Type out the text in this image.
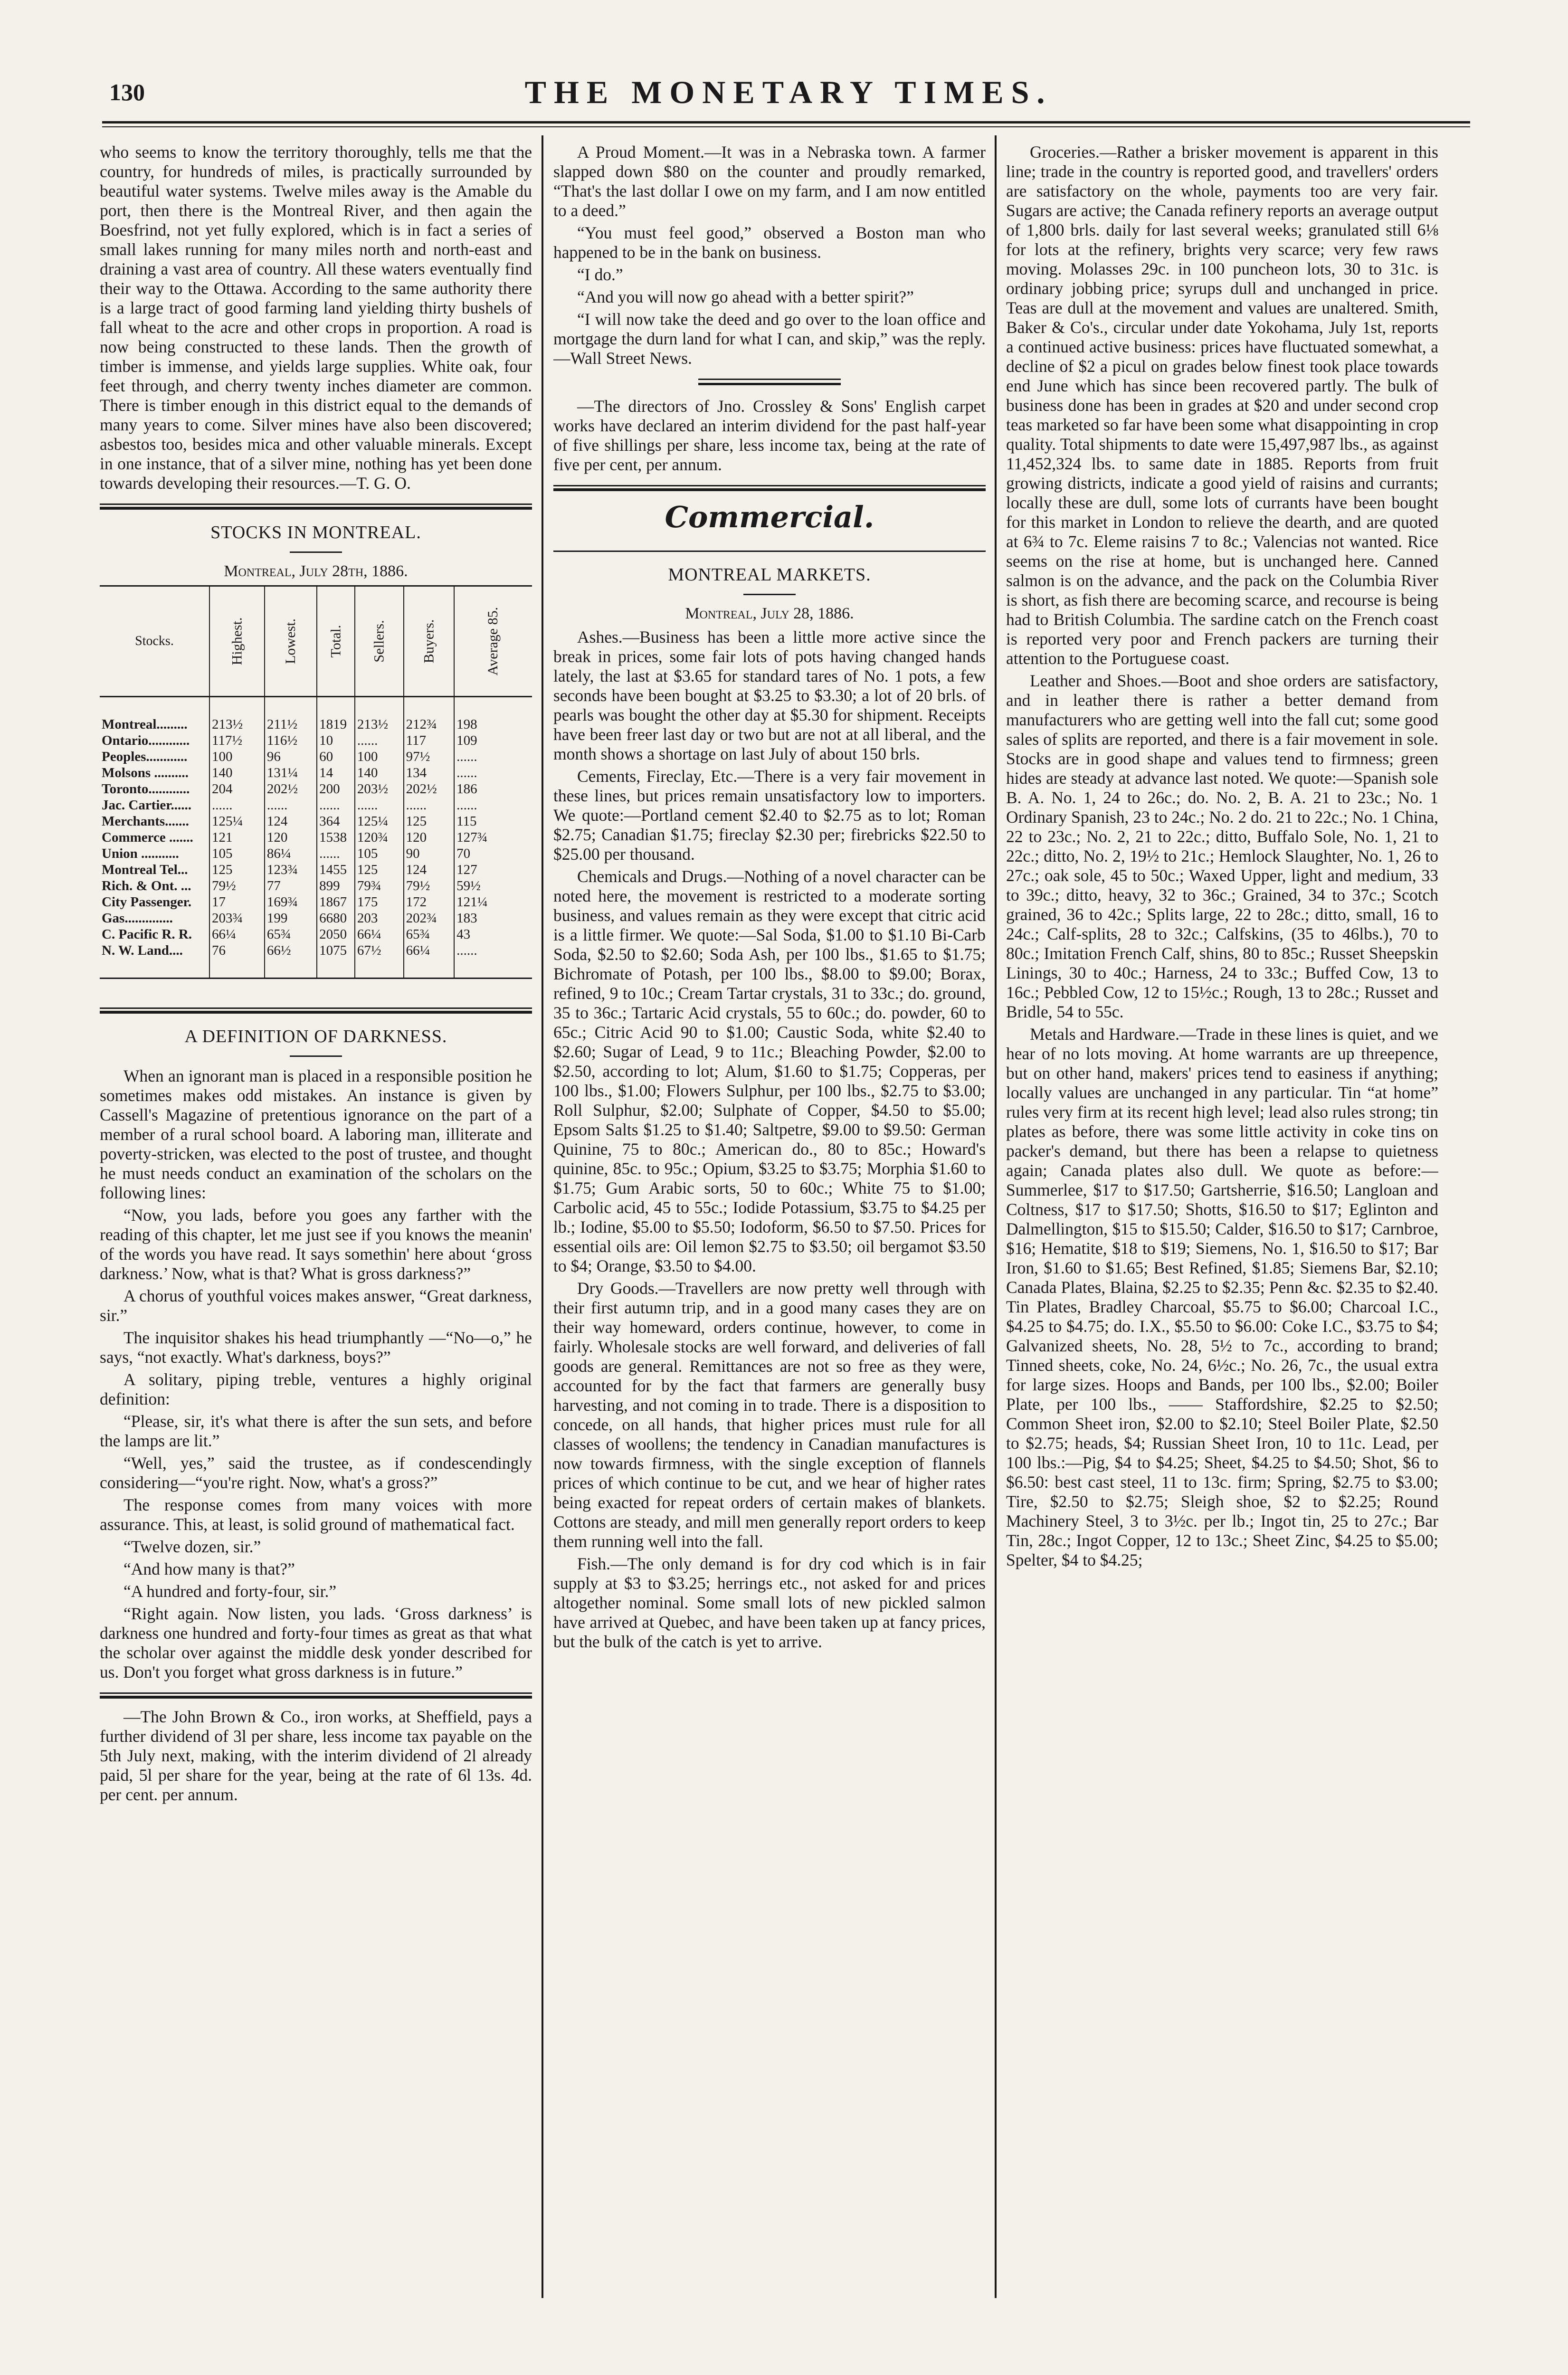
130	THE MONETARY TIMES.

who seems to know the territory thoroughly, tells me that the country, for hundreds of miles, is practically surrounded by beautiful water systems. Twelve miles away is the Amable du port, then there is the Montreal River, and then again the Boesfrind, not yet fully explored, which is in fact a series of small lakes running for many miles north and north-east and draining a vast area of country. All these waters eventually find their way to the Ottawa. According to the same authority there is a large tract of good farming land yielding thirty bushels of fall wheat to the acre and other crops in proportion. A road is now being constructed to these lands. Then the growth of timber is immense, and yields large supplies. White oak, four feet through, and cherry twenty inches diameter are common. There is timber enough in this district equal to the demands of many years to come. Silver mines have also been discovered; asbestos too, besides mica and other valuable minerals. Except in one instance, that of a silver mine, nothing has yet been done towards developing their resources.—T. G. O.

STOCKS IN MONTREAL.
Montreal, July 28th, 1886.
Stocks.	Highest.	Lowest.	Total.	Sellers.	Buyers.	Average 85.
Montreal.........	213½	211½	1819	213½	212¾	198
Ontario............	117½	116½	10	......	117	109
Peoples............	100	96	60	100	97½	......
Molsons ..........	140	131¼	14	140	134	......
Toronto............	204	202½	200	203½	202½	186
Jac. Cartier......	......	......	......	......	......	......
Merchants.......	125¼	124	364	125¼	125	115
Commerce .......	121	120	1538	120¾	120	127¾
Union ...........	105	86¼	......	105	90	70
Montreal Tel...	125	123¾	1455	125	124	127
Rich. & Ont. ...	79½	77	899	79¾	79½	59½
City Passenger.	17	169¾	1867	175	172	121¼
Gas..............	203¾	199	6680	203	202¾	183
C. Pacific R. R.	66¼	65¾	2050	66¼	65¾	43
N. W. Land....	76	66½	1075	67½	66¼	......
A DEFINITION OF DARKNESS.

When an ignorant man is placed in a responsible position he sometimes makes odd mistakes. An instance is given by Cassell's Magazine of pretentious ignorance on the part of a member of a rural school board. A laboring man, illiterate and poverty-stricken, was elected to the post of trustee, and thought he must needs conduct an examination of the scholars on the following lines:

“Now, you lads, before you goes any farther with the reading of this chapter, let me just see if you knows the meanin' of the words you have read. It says somethin' here about ‘gross darkness.’ Now, what is that? What is gross darkness?”

A chorus of youthful voices makes answer, “Great darkness, sir.”

The inquisitor shakes his head triumphantly —“No—o,” he says, “not exactly. What's darkness, boys?”

A solitary, piping treble, ventures a highly original definition:

“Please, sir, it's what there is after the sun sets, and before the lamps are lit.”

“Well, yes,” said the trustee, as if condescendingly considering—“you're right. Now, what's a gross?”

The response comes from many voices with more assurance. This, at least, is solid ground of mathematical fact.

“Twelve dozen, sir.”

“And how many is that?”

“A hundred and forty-four, sir.”

“Right again. Now listen, you lads. ‘Gross darkness’ is darkness one hundred and forty-four times as great as that what the scholar over against the middle desk yonder described for us. Don't you forget what gross darkness is in future.”

—The John Brown & Co., iron works, at Sheffield, pays a further dividend of 3l per share, less income tax payable on the 5th July next, making, with the interim dividend of 2l already paid, 5l per share for the year, being at the rate of 6l 13s. 4d. per cent. per annum.

A Proud Moment.—It was in a Nebraska town. A farmer slapped down $80 on the counter and proudly remarked, “That's the last dollar I owe on my farm, and I am now entitled to a deed.”

“You must feel good,” observed a Boston man who happened to be in the bank on business.

“I do.”

“And you will now go ahead with a better spirit?”

“I will now take the deed and go over to the loan office and mortgage the durn land for what I can, and skip,” was the reply.—Wall Street News.

—The directors of Jno. Crossley & Sons' English carpet works have declared an interim dividend for the past half-year of five shillings per share, less income tax, being at the rate of five per cent, per annum.

Commercial.
MONTREAL MARKETS.
Montreal, July 28, 1886.

Ashes.—Business has been a little more active since the break in prices, some fair lots of pots having changed hands lately, the last at $3.65 for standard tares of No. 1 pots, a few seconds have been bought at $3.25 to $3.30; a lot of 20 brls. of pearls was bought the other day at $5.30 for shipment. Receipts have been freer last day or two but are not at all liberal, and the month shows a shortage on last July of about 150 brls.

Cements, Fireclay, Etc.—There is a very fair movement in these lines, but prices remain unsatisfactory low to importers. We quote:—Portland cement $2.40 to $2.75 as to lot; Roman $2.75; Canadian $1.75; fireclay $2.30 per; firebricks $22.50 to $25.00 per thousand.

Chemicals and Drugs.—Nothing of a novel character can be noted here, the movement is restricted to a moderate sorting business, and values remain as they were except that citric acid is a little firmer. We quote:—Sal Soda, $1.00 to $1.10 Bi-Carb Soda, $2.50 to $2.60; Soda Ash, per 100 lbs., $1.65 to $1.75; Bichromate of Potash, per 100 lbs., $8.00 to $9.00; Borax, refined, 9 to 10c.; Cream Tartar crystals, 31 to 33c.; do. ground, 35 to 36c.; Tartaric Acid crystals, 55 to 60c.; do. powder, 60 to 65c.; Citric Acid 90 to $1.00; Caustic Soda, white $2.40 to $2.60; Sugar of Lead, 9 to 11c.; Bleaching Powder, $2.00 to $2.50, according to lot; Alum, $1.60 to $1.75; Copperas, per 100 lbs., $1.00; Flowers Sulphur, per 100 lbs., $2.75 to $3.00; Roll Sulphur, $2.00; Sulphate of Copper, $4.50 to $5.00; Epsom Salts $1.25 to $1.40; Saltpetre, $9.00 to $9.50: German Quinine, 75 to 80c.; American do., 80 to 85c.; Howard's quinine, 85c. to 95c.; Opium, $3.25 to $3.75; Morphia $1.60 to $1.75; Gum Arabic sorts, 50 to 60c.; White 75 to $1.00; Carbolic acid, 45 to 55c.; Iodide Potassium, $3.75 to $4.25 per lb.; Iodine, $5.00 to $5.50; Iodoform, $6.50 to $7.50. Prices for essential oils are: Oil lemon $2.75 to $3.50; oil bergamot $3.50 to $4; Orange, $3.50 to $4.00.

Dry Goods.—Travellers are now pretty well through with their first autumn trip, and in a good many cases they are on their way homeward, orders continue, however, to come in fairly. Wholesale stocks are well forward, and deliveries of fall goods are general. Remittances are not so free as they were, accounted for by the fact that farmers are generally busy harvesting, and not coming in to trade. There is a disposition to concede, on all hands, that higher prices must rule for all classes of woollens; the tendency in Canadian manufactures is now towards firmness, with the single exception of flannels prices of which continue to be cut, and we hear of higher rates being exacted for repeat orders of certain makes of blankets. Cottons are steady, and mill men generally report orders to keep them running well into the fall.

Fish.—The only demand is for dry cod which is in fair supply at $3 to $3.25; herrings etc., not asked for and prices altogether nominal. Some small lots of new pickled salmon have arrived at Quebec, and have been taken up at fancy prices, but the bulk of the catch is yet to arrive.

Groceries.—Rather a brisker movement is apparent in this line; trade in the country is reported good, and travellers' orders are satisfactory on the whole, payments too are very fair. Sugars are active; the Canada refinery reports an average output of 1,800 brls. daily for last several weeks; granulated still 6⅛ for lots at the refinery, brights very scarce; very few raws moving. Molasses 29c. in 100 puncheon lots, 30 to 31c. is ordinary jobbing price; syrups dull and unchanged in price. Teas are dull at the movement and values are unaltered. Smith, Baker & Co's., circular under date Yokohama, July 1st, reports a continued active business: prices have fluctuated somewhat, a decline of $2 a picul on grades below finest took place towards end June which has since been recovered partly. The bulk of business done has been in grades at $20 and under second crop teas marketed so far have been some what disappointing in crop quality. Total shipments to date were 15,497,987 lbs., as against 11,452,324 lbs. to same date in 1885. Reports from fruit growing districts, indicate a good yield of raisins and currants; locally these are dull, some lots of currants have been bought for this market in London to relieve the dearth, and are quoted at 6¾ to 7c. Eleme raisins 7 to 8c.; Valencias not wanted. Rice seems on the rise at home, but is unchanged here. Canned salmon is on the advance, and the pack on the Columbia River is short, as fish there are becoming scarce, and recourse is being had to British Columbia. The sardine catch on the French coast is reported very poor and French packers are turning their attention to the Portuguese coast.

Leather and Shoes.—Boot and shoe orders are satisfactory, and in leather there is rather a better demand from manufacturers who are getting well into the fall cut; some good sales of splits are reported, and there is a fair movement in sole. Stocks are in good shape and values tend to firmness; green hides are steady at advance last noted. We quote:—Spanish sole B. A. No. 1, 24 to 26c.; do. No. 2, B. A. 21 to 23c.; No. 1 Ordinary Spanish, 23 to 24c.; No. 2 do. 21 to 22c.; No. 1 China, 22 to 23c.; No. 2, 21 to 22c.; ditto, Buffalo Sole, No. 1, 21 to 22c.; ditto, No. 2, 19½ to 21c.; Hemlock Slaughter, No. 1, 26 to 27c.; oak sole, 45 to 50c.; Waxed Upper, light and medium, 33 to 39c.; ditto, heavy, 32 to 36c.; Grained, 34 to 37c.; Scotch grained, 36 to 42c.; Splits large, 22 to 28c.; ditto, small, 16 to 24c.; Calf-splits, 28 to 32c.; Calfskins, (35 to 46lbs.), 70 to 80c.; Imitation French Calf, shins, 80 to 85c.; Russet Sheepskin Linings, 30 to 40c.; Harness, 24 to 33c.; Buffed Cow, 13 to 16c.; Pebbled Cow, 12 to 15½c.; Rough, 13 to 28c.; Russet and Bridle, 54 to 55c.

Metals and Hardware.—Trade in these lines is quiet, and we hear of no lots moving. At home warrants are up threepence, but on other hand, makers' prices tend to easiness if anything; locally values are unchanged in any particular. Tin “at home” rules very firm at its recent high level; lead also rules strong; tin plates as before, there was some little activity in coke tins on packer's demand, but there has been a relapse to quietness again; Canada plates also dull. We quote as before:—Summerlee, $17 to $17.50; Gartsherrie, $16.50; Langloan and Coltness, $17 to $17.50; Shotts, $16.50 to $17; Eglinton and Dalmellington, $15 to $15.50; Calder, $16.50 to $17; Carnbroe, $16; Hematite, $18 to $19; Siemens, No. 1, $16.50 to $17; Bar Iron, $1.60 to $1.65; Best Refined, $1.85; Siemens Bar, $2.10; Canada Plates, Blaina, $2.25 to $2.35; Penn &c. $2.35 to $2.40. Tin Plates, Bradley Charcoal, $5.75 to $6.00; Charcoal I.C., $4.25 to $4.75; do. I.X., $5.50 to $6.00: Coke I.C., $3.75 to $4; Galvanized sheets, No. 28, 5½ to 7c., according to brand; Tinned sheets, coke, No. 24, 6½c.; No. 26, 7c., the usual extra for large sizes. Hoops and Bands, per 100 lbs., $2.00; Boiler Plate, per 100 lbs., —— Staffordshire, $2.25 to $2.50; Common Sheet iron, $2.00 to $2.10; Steel Boiler Plate, $2.50 to $2.75; heads, $4; Russian Sheet Iron, 10 to 11c. Lead, per 100 lbs.:—Pig, $4 to $4.25; Sheet, $4.25 to $4.50; Shot, $6 to $6.50: best cast steel, 11 to 13c. firm; Spring, $2.75 to $3.00; Tire, $2.50 to $2.75; Sleigh shoe, $2 to $2.25; Round Machinery Steel, 3 to 3½c. per lb.; Ingot tin, 25 to 27c.; Bar Tin, 28c.; Ingot Copper, 12 to 13c.; Sheet Zinc, $4.25 to $5.00; Spelter, $4 to $4.25;
